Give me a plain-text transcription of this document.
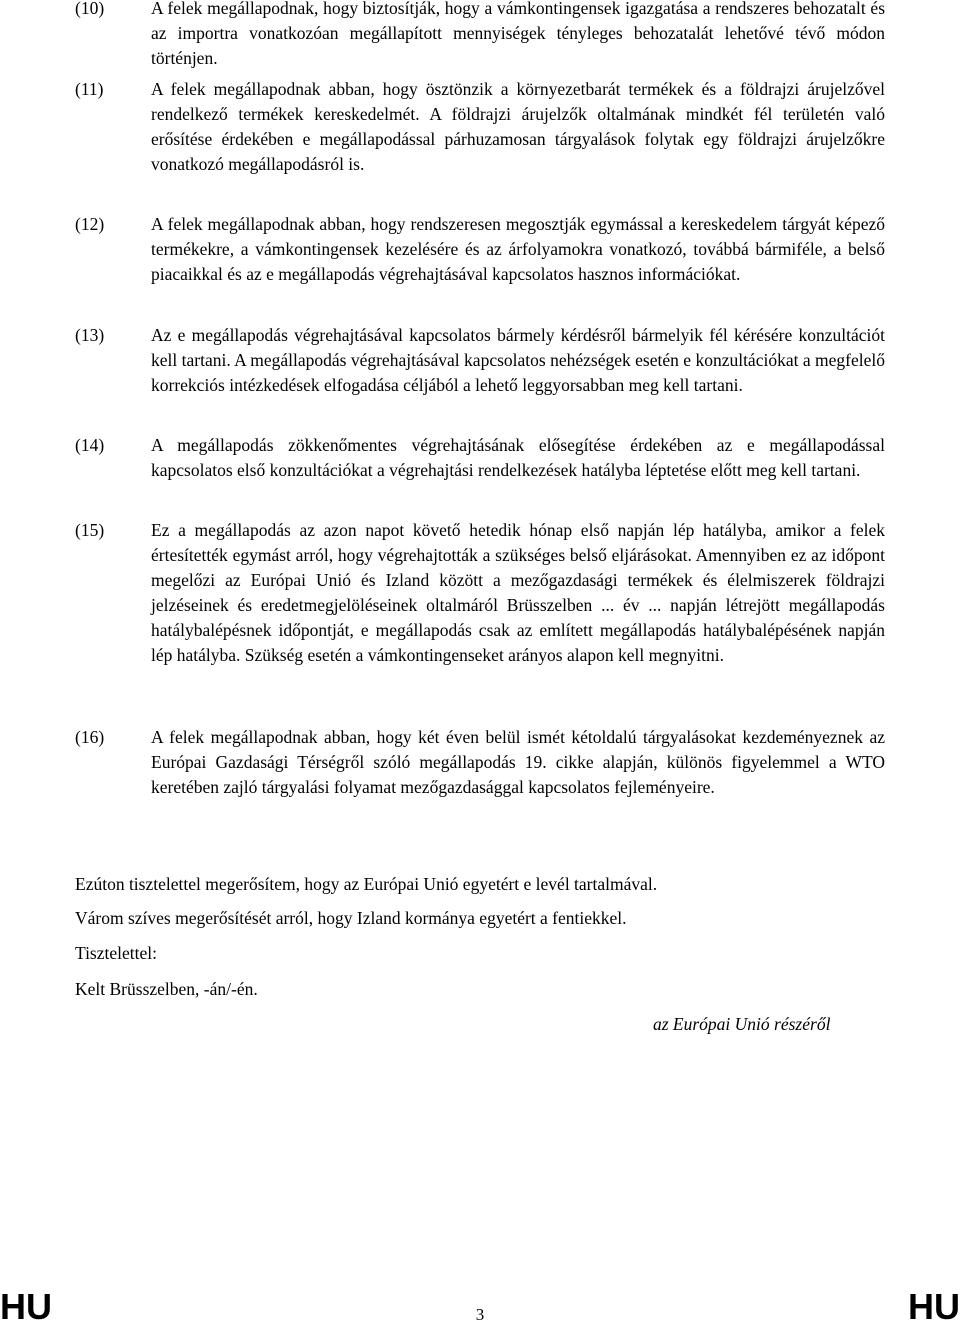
(10)	A felek megállapodnak, hogy biztosítják, hogy a vámkontingensek igazgatása a rendszeres behozatalt és az importra vonatkozóan megállapított mennyiségek tényleges behozatalát lehetővé tévő módon történjen.
(11)	A felek megállapodnak abban, hogy ösztönzik a környezetbarát termékek és a földrajzi árujelzővel rendelkező termékek kereskedelmét. A földrajzi árujelzők oltalmának mindkét fél területén való erősítése érdekében e megállapodással párhuzamosan tárgyalások folytak egy földrajzi árujelzőkre vonatkozó megállapodásról is.
(12)	A felek megállapodnak abban, hogy rendszeresen megosztják egymással a kereskedelem tárgyát képező termékekre, a vámkontingensek kezelésére és az árfolyamokra vonatkozó, továbbá bármiféle, a belső piacaikkal és az e megállapodás végrehajtásával kapcsolatos hasznos információkat.
(13)	Az e megállapodás végrehajtásával kapcsolatos bármely kérdésről bármelyik fél kérésére konzultációt kell tartani. A megállapodás végrehajtásával kapcsolatos nehézségek esetén e konzultációkat a megfelelő korrekciós intézkedések elfogadása céljából a lehető leggyorsabban meg kell tartani.
(14)	A megállapodás zökkenőmentes végrehajtásának elősegítése érdekében az e megállapodással kapcsolatos első konzultációkat a végrehajtási rendelkezések hatályba léptetése előtt meg kell tartani.
(15)	Ez a megállapodás az azon napot követő hetedik hónap első napján lép hatályba, amikor a felek értesítették egymást arról, hogy végrehajtották a szükséges belső eljárásokat. Amennyiben ez az időpont megelőzi az Európai Unió és Izland között a mezőgazdasági termékek és élelmiszerek földrajzi jelzéseinek és eredetmegjelöléseinek oltalmáról Brüsszelben ... év ... napján létrejött megállapodás hatálybalépésnek időpontját, e megállapodás csak az említett megállapodás hatálybalépésének napján lép hatályba. Szükség esetén a vámkontingenseket arányos alapon kell megnyitni.
(16)	A felek megállapodnak abban, hogy két éven belül ismét kétoldalú tárgyalásokat kezdeményeznek az Európai Gazdasági Térségről szóló megállapodás 19. cikke alapján, különös figyelemmel a WTO keretében zajló tárgyalási folyamat mezőgazdasággal kapcsolatos fejleményeire.
Ezúton tisztelettel megerősítem, hogy az Európai Unió egyetért e levél tartalmával.
Várom szíves megerősítését arról, hogy Izland kormánya egyetért a fentiekkel.
Tisztelettel:
Kelt Brüsszelben, -án/-én.
az Európai Unió részéről
HU	3	HU
